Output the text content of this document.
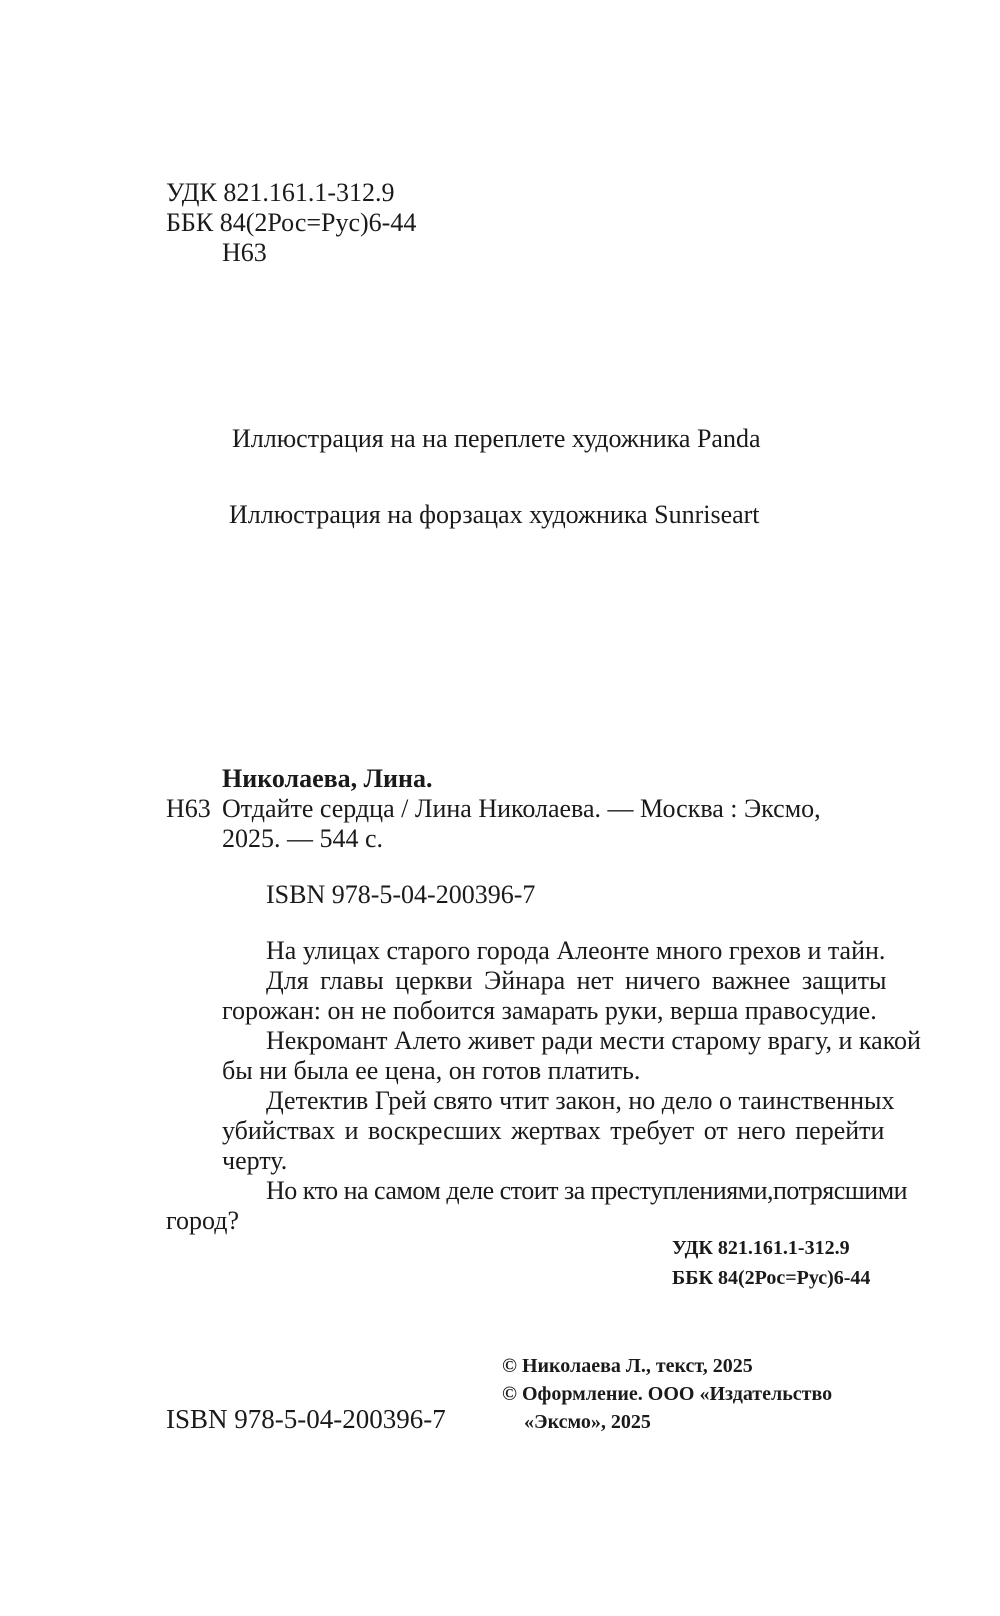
УДК 821.161.1-312.9
ББК 84(2Рос=Рус)6-44
Н63
Иллюстрация на на переплете художника Panda
Иллюстрация на форзацах художника Sunriseart
Николаева, Лина.
Н63 Отдайте сердца / Лина Николаева. — Москва : Эксмо,
2025. — 544 с.
ISBN 978-5-04-200396-7
На улицах старого города Алеонте много грехов и тайн.
Для главы церкви Эйнара нет ничего важнее защиты
горожан: он не побоится замарать руки, верша правосудие.
Некромант Алето живет ради мести старому врагу, и какой
бы ни была ее цена, он готов платить.
Детектив Грей свято чтит закон, но дело о таинственных
убийствах и воскресших жертвах требует от него перейти
черту.
Но кто на самом деле стоит за преступлениями,потрясшими
город?
УДК 821.161.1-312.9
ББК 84(2Рос=Рус)6-44
ISBN 978-5-04-200396-7
© Николаева Л., текст, 2025
© Оформление. ООО «Издательство
«Эксмо», 2025
